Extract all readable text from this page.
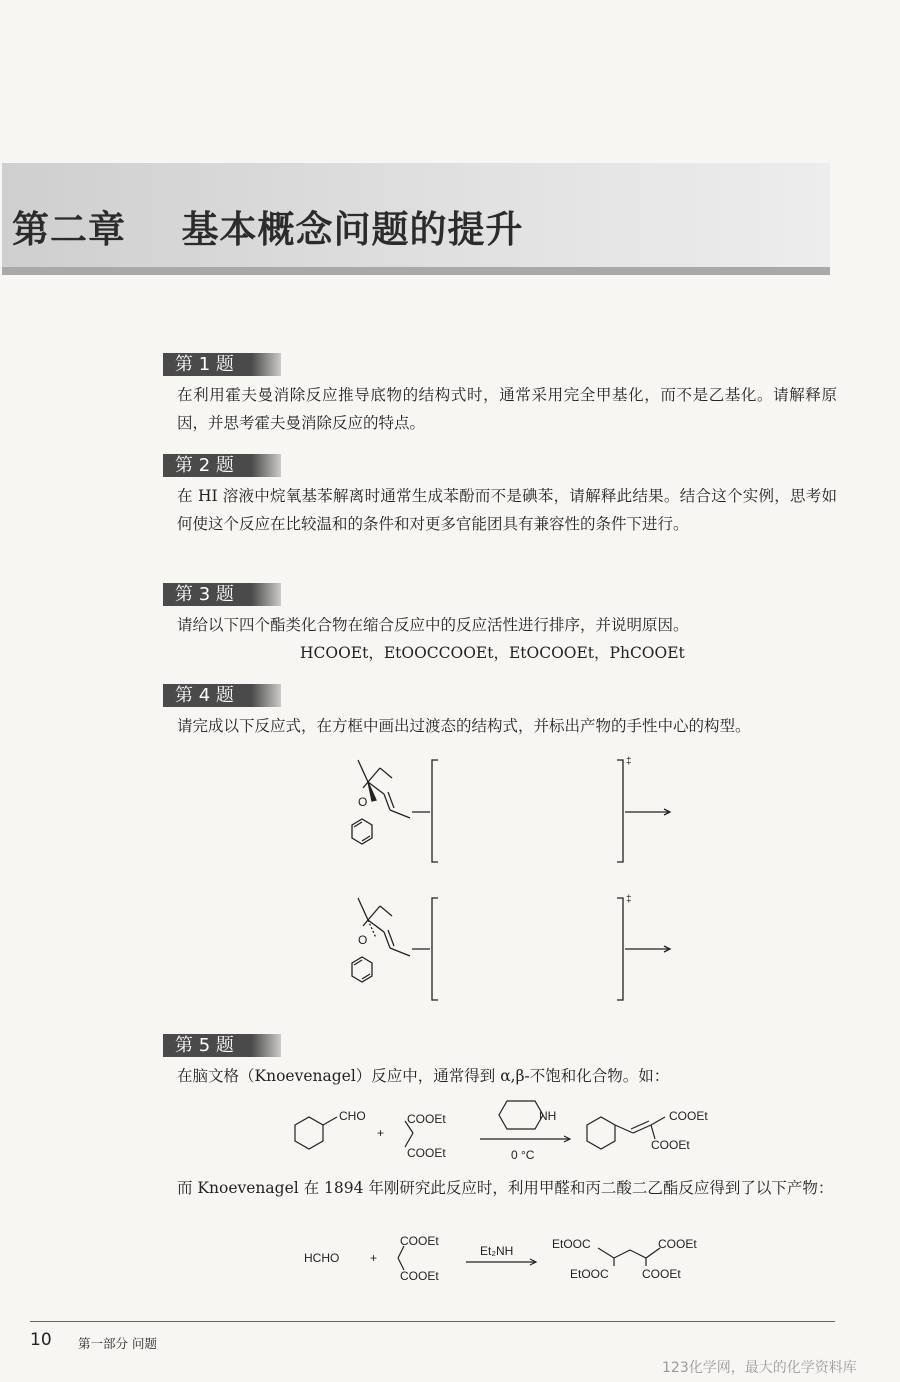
第二章    基本概念问题的提升
第 1 题

在利用霍夫曼消除反应推导底物的结构式时，通常采用完全甲基化，而不是乙基化。请解释原因，并思考霍夫曼消除反应的特点。

第 2 题

在 HI 溶液中烷氧基苯解离时通常生成苯酚而不是碘苯，请解释此结果。结合这个实例，思考如何使这个反应在比较温和的条件和对更多官能团具有兼容性的条件下进行。

第 3 题

请给以下四个酯类化合物在缩合反应中的反应活性进行排序，并说明原因。

HCOOEt，EtOOCCOOEt，EtOCOOEt，PhCOOEt
第 4 题

请完成以下反应式，在方框中画出过渡态的结构式，并标出产物的手性中心的构型。

O
‡
O
‡
第 5 题

在脑文格（Knoevenagel）反应中，通常得到 α,β-不饱和化合物。如：

CHO
+
COOEt
COOEt
NH
0 °C
COOEt
COOEt

而 Knoevenagel 在 1894 年刚研究此反应时，利用甲醛和丙二酸二乙酯反应得到了以下产物：

HCHO	+
COOEt
COOEt
Et₂NH	EtOOC	COOEt
EtOOC	COOEt
10 第一部分 问题
123化学网，最大的化学资料库
